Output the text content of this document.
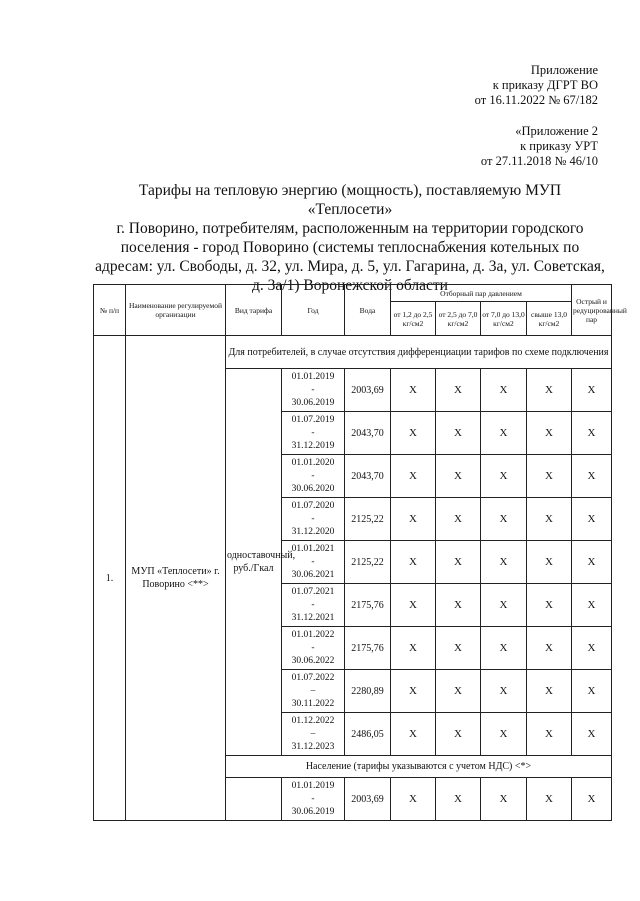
Приложение
к приказу ДГРТ ВО
от 16.11.2022 № 67/182
«Приложение 2
к приказу УРТ
от 27.11.2018 № 46/10
Тарифы на тепловую энергию (мощность), поставляемую МУП «Теплосети»
г. Поворино, потребителям, расположенным на территории городского
поселения - город Поворино (системы теплоснабжения котельных по
адресам: ул. Свободы, д. 32, ул. Мира, д. 5, ул. Гагарина, д. 3а, ул. Советская,
д. 3а/1) Воронежской области
№ п/п	Наименование регулируемой организации	Вид тарифа	Год	Вода	Отборный пар давлением				Острый и редуцированный пар
					от 1,2 до 2,5 кг/см2	от 2,5 до 7,0 кг/см2	от 7,0 до 13,0 кг/см2	свыше 13,0 кг/см2	
1.	МУП «Теплосети» г. Поворино <**>	Для потребителей, в случае отсутствия дифференциации тарифов по схеме подключения							
		одноставочный, руб./Гкал	01.01.2019
-
30.06.2019	2003,69	Х	Х	Х	Х	Х

			01.07.2019
-
31.12.2019	2043,70	Х	Х	Х	Х	Х

			01.01.2020
-
30.06.2020	2043,70	Х	Х	Х	Х	Х

			01.07.2020
-
31.12.2020	2125,22	Х	Х	Х	Х	Х

			01.01.2021
-
30.06.2021	2125,22	Х	Х	Х	Х	Х

			01.07.2021
-
31.12.2021	2175,76	Х	Х	Х	Х	Х

			01.01.2022
-
30.06.2022	2175,76	Х	Х	Х	Х	Х

			01.07.2022
–
30.11.2022	2280,89	Х	Х	Х	Х	Х

			01.12.2022
–
31.12.2023	2486,05	Х	Х	Х	Х	Х
		Население (тарифы указываются с учетом НДС) <*>							

			01.01.2019
-
30.06.2019	2003,69	Х	Х	Х	Х	Х
